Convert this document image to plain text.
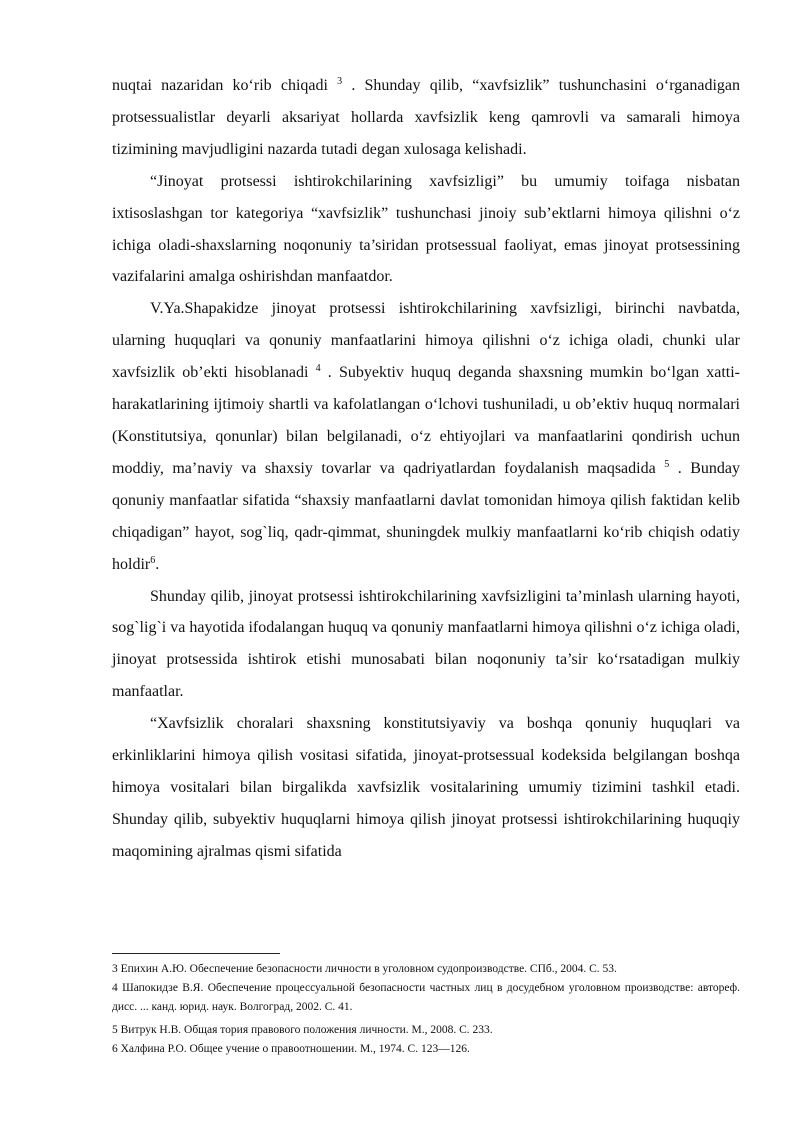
nuqtai nazaridan ko‘rib chiqadi $^3$ . Shunday qilib, “xavfsizlik” tushunchasini o‘rganadigan protsessualistlar deyarli aksariyat hollarda xavfsizlik keng qamrovli va samarali himoya tizimining mavjudligini nazarda tutadi degan xulosaga kelishadi.

“Jinoyat protsessi ishtirokchilarining xavfsizligi” bu umumiy toifaga nisbatan ixtisoslashgan tor kategoriya “xavfsizlik” tushunchasi jinoiy sub’ektlarni himoya qilishni o‘z ichiga oladi-shaxslarning noqonuniy ta’siridan protsessual faoliyat, emas jinoyat protsessining vazifalarini amalga oshirishdan manfaatdor.

V.Ya.Shapakidze jinoyat protsessi ishtirokchilarining xavfsizligi, birinchi navbatda, ularning huquqlari va qonuniy manfaatlarini himoya qilishni o‘z ichiga oladi, chunki ular xavfsizlik ob’ekti hisoblanadi $^4$ . Subyektiv huquq deganda shaxsning mumkin bo‘lgan xatti-harakatlarining ijtimoiy shartli va kafolatlangan o‘lchovi tushuniladi, u ob’ektiv huquq normalari (Konstitutsiya, qonunlar) bilan belgilanadi, o‘z ehtiyojlari va manfaatlarini qondirish uchun moddiy, ma’naviy va shaxsiy tovarlar va qadriyatlardan foydalanish maqsadida $^5$ . Bunday qonuniy manfaatlar sifatida “shaxsiy manfaatlarni davlat tomonidan himoya qilish faktidan kelib chiqadigan” hayot, sog`liq, qadr-qimmat, shuningdek mulkiy manfaatlarni ko‘rib chiqish odatiy holdir$^6$.

Shunday qilib, jinoyat protsessi ishtirokchilarining xavfsizligini ta’minlash ularning hayoti, sog`lig`i va hayotida ifodalangan huquq va qonuniy manfaatlarni himoya qilishni o‘z ichiga oladi, jinoyat protsessida ishtirok etishi munosabati bilan noqonuniy ta’sir ko‘rsatadigan mulkiy manfaatlar.

“Xavfsizlik choralari shaxsning konstitutsiyaviy va boshqa qonuniy huquqlari va erkinliklarini himoya qilish vositasi sifatida, jinoyat-protsessual kodeksida belgilangan boshqa himoya vositalari bilan birgalikda xavfsizlik vositalarining umumiy tizimini tashkil etadi. Shunday qilib, subyektiv huquqlarni himoya qilish jinoyat protsessi ishtirokchilarining huquqiy maqomining ajralmas qismi sifatida

3 Епихин А.Ю. Обеспечение безопасности личности в уголовном судопроизводстве. СПб., 2004. С. 53.

4 Шапокидзе В.Я. Обеспечение процессуальной безопасности частных лиц в досудебном уголовном производстве: автореф. дисс. ... канд. юрид. наук. Волгоград, 2002. С. 41.

5 Витрук Н.В. Общая тория правового положения личности. М., 2008. С. 233.

6 Халфина Р.О. Общее учение о правоотношении. М., 1974. С. 123—126.
